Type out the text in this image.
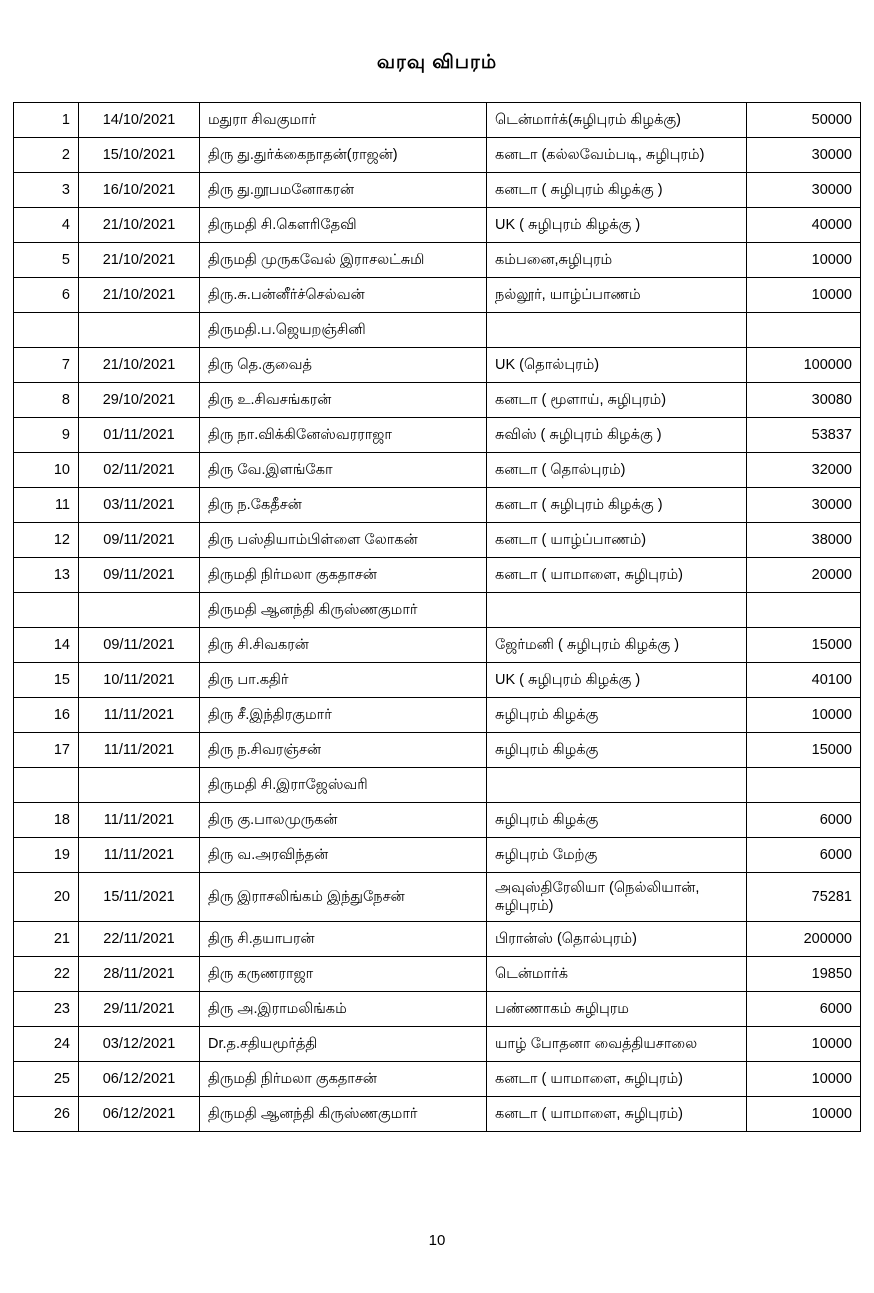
வரவு விபரம்
1	14/10/2021	மதுரா சிவகுமார்	டென்மார்க்(சுழிபுரம் கிழக்கு)	50000
2	15/10/2021	திரு து.துர்க்கைநாதன்(ராஜன்)	கனடா (கல்லவேம்படி, சுழிபுரம்)	30000
3	16/10/2021	திரு து.றூபமனோகரன்	கனடா ( சுழிபுரம் கிழக்கு )	30000
4	21/10/2021	திருமதி சி.கௌரிதேவி	UK ( சுழிபுரம் கிழக்கு )	40000
5	21/10/2021	திருமதி முருகவேல் இராசலட்சுமி	கம்பனை,சுழிபுரம்	10000
6	21/10/2021	திரு.சு.பன்னீர்ச்செல்வன்	நல்லூர், யாழ்ப்பாணம்	10000
		திருமதி.ப.ஜெயறஞ்சினி		
7	21/10/2021	திரு தெ.குவைத்	UK (தொல்புரம்)	100000
8	29/10/2021	திரு உ.சிவசங்கரன்	கனடா ( மூளாய், சுழிபுரம்)	30080
9	01/11/2021	திரு நா.விக்கினேஸ்வரராஜா	சுவிஸ் ( சுழிபுரம் கிழக்கு )	53837
10	02/11/2021	திரு வே.இளங்கோ	கனடா ( தொல்புரம்)	32000
11	03/11/2021	திரு ந.கேதீசன்	கனடா ( சுழிபுரம் கிழக்கு )	30000
12	09/11/2021	திரு பஸ்தியாம்பிள்ளை லோகன்	கனடா ( யாழ்ப்பாணம்)	38000
13	09/11/2021	திருமதி நிர்மலா குகதாசன்	கனடா ( யாமாளை, சுழிபுரம்)	20000
		திருமதி ஆனந்தி கிருஸ்ணகுமார்		
14	09/11/2021	திரு சி.சிவகரன்	ஜேர்மனி ( சுழிபுரம் கிழக்கு )	15000
15	10/11/2021	திரு பா.கதிர்	UK ( சுழிபுரம் கிழக்கு )	40100
16	11/11/2021	திரு சீ.இந்திரகுமார்	சுழிபுரம் கிழக்கு	10000
17	11/11/2021	திரு ந.சிவரஞ்சன்	சுழிபுரம் கிழக்கு	15000
		திருமதி சி.இராஜேஸ்வரி		
18	11/11/2021	திரு கு.பாலமுருகன்	சுழிபுரம் கிழக்கு	6000
19	11/11/2021	திரு வ.அரவிந்தன்	சுழிபுரம் மேற்கு	6000
20	15/11/2021	திரு இராசலிங்கம் இந்துநேசன்	அவுஸ்திரேலியா (நெல்லியான், சுழிபுரம்)	75281
21	22/11/2021	திரு சி.தயாபரன்	பிரான்ஸ் (தொல்புரம்)	200000
22	28/11/2021	திரு கருணராஜா	டென்மார்க்	19850
23	29/11/2021	திரு அ.இராமலிங்கம்	பண்ணாகம் சுழிபுரம	6000
24	03/12/2021	Dr.த.சதியமூர்த்தி	யாழ் போதனா வைத்தியசாலை	10000
25	06/12/2021	திருமதி நிர்மலா குகதாசன்	கனடா ( யாமாளை, சுழிபுரம்)	10000
26	06/12/2021	திருமதி ஆனந்தி கிருஸ்ணகுமார்	கனடா ( யாமாளை, சுழிபுரம்)	10000
10
